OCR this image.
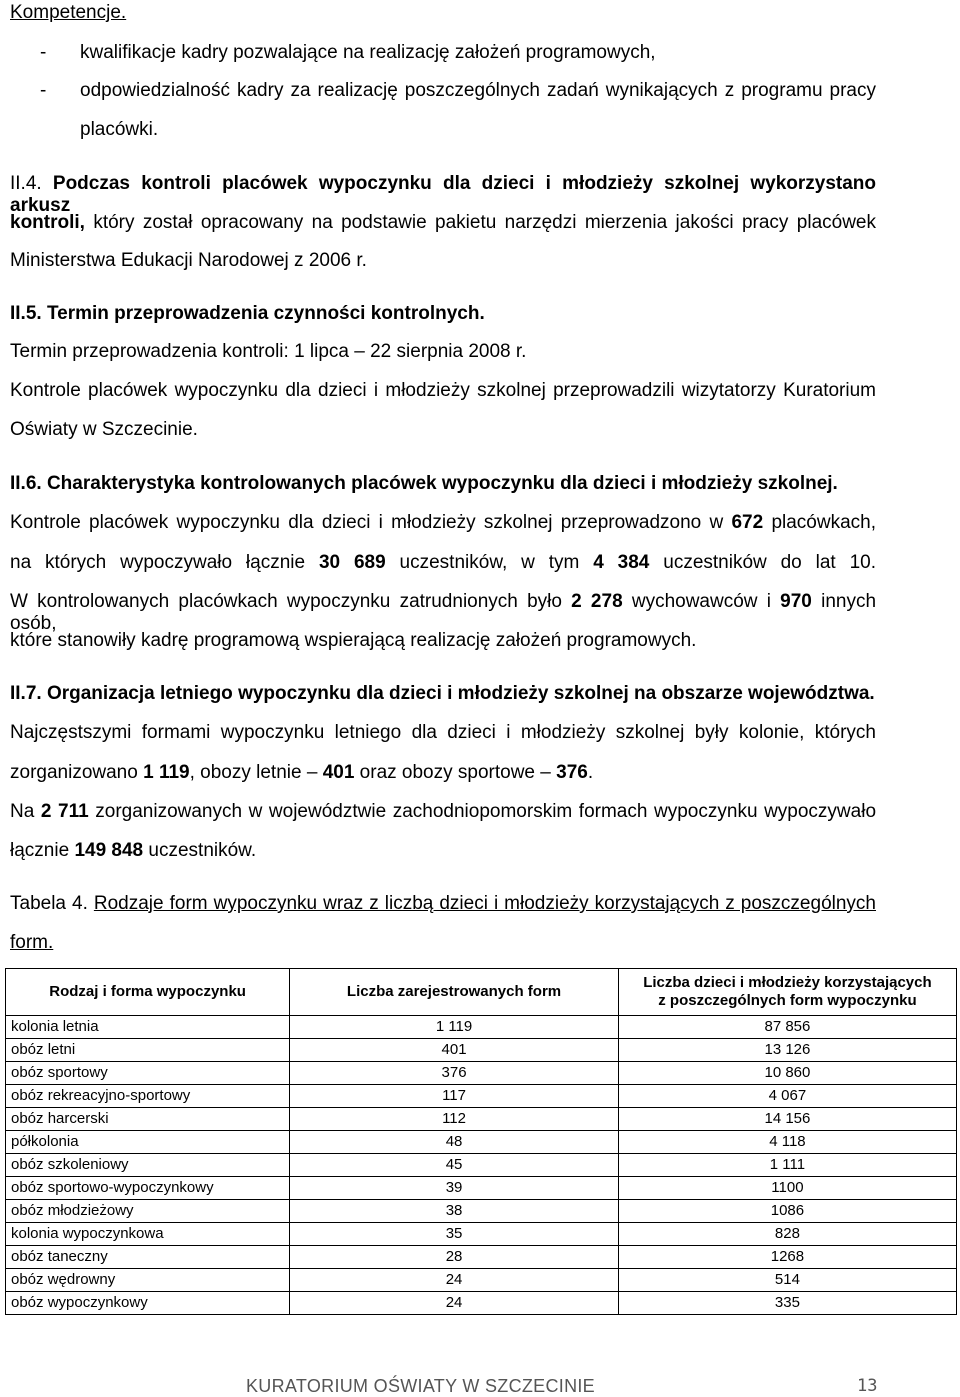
Kompetencje.
- kwalifikacje kadry pozwalające na realizację założeń programowych,
- odpowiedzialność kadry za realizację poszczególnych zadań wynikających z programu pracy
placówki.
II.4. Podczas kontroli placówek wypoczynku dla dzieci i młodzieży szkolnej wykorzystano arkusz
kontroli, który został opracowany na podstawie pakietu narzędzi mierzenia jakości pracy placówek
Ministerstwa Edukacji Narodowej z 2006 r.
II.5. Termin przeprowadzenia czynności kontrolnych.
Termin przeprowadzenia kontroli: 1 lipca – 22 sierpnia 2008 r.
Kontrole placówek wypoczynku dla dzieci i młodzieży szkolnej przeprowadzili wizytatorzy Kuratorium
Oświaty w Szczecinie.
II.6. Charakterystyka kontrolowanych placówek wypoczynku dla dzieci i młodzieży szkolnej.
Kontrole placówek wypoczynku dla dzieci i młodzieży szkolnej przeprowadzono w 672 placówkach,
na których wypoczywało łącznie 30 689 uczestników, w tym 4 384 uczestników do lat 10.
W kontrolowanych placówkach wypoczynku zatrudnionych było 2 278 wychowawców i 970 innych osób,
które stanowiły kadrę programową wspierającą realizację założeń programowych.
II.7. Organizacja letniego wypoczynku dla dzieci i młodzieży szkolnej na obszarze województwa.
Najczęstszymi formami wypoczynku letniego dla dzieci i młodzieży szkolnej były kolonie, których
zorganizowano 1 119, obozy letnie – 401 oraz obozy sportowe – 376.
Na 2 711 zorganizowanych w województwie zachodniopomorskim formach wypoczynku wypoczywało
łącznie 149 848 uczestników.
Tabela 4. Rodzaje form wypoczynku wraz z liczbą dzieci i młodzieży korzystających z poszczególnych
form.
Rodzaj i forma wypoczynku	Liczba zarejestrowanych form	Liczba dzieci i młodzieży korzystających
z poszczególnych form wypoczynku
kolonia letnia	1 119	87 856
obóz letni	401	13 126
obóz sportowy	376	10 860
obóz rekreacyjno-sportowy	117	4 067
obóz harcerski	112	14 156
półkolonia	48	4 118
obóz szkoleniowy	45	1 111
obóz sportowo-wypoczynkowy	39	1100
obóz młodzieżowy	38	1086
kolonia wypoczynkowa	35	828
obóz taneczny	28	1268
obóz wędrowny	24	514
obóz wypoczynkowy	24	335
KURATORIUM OŚWIATY W SZCZECINIE	13
